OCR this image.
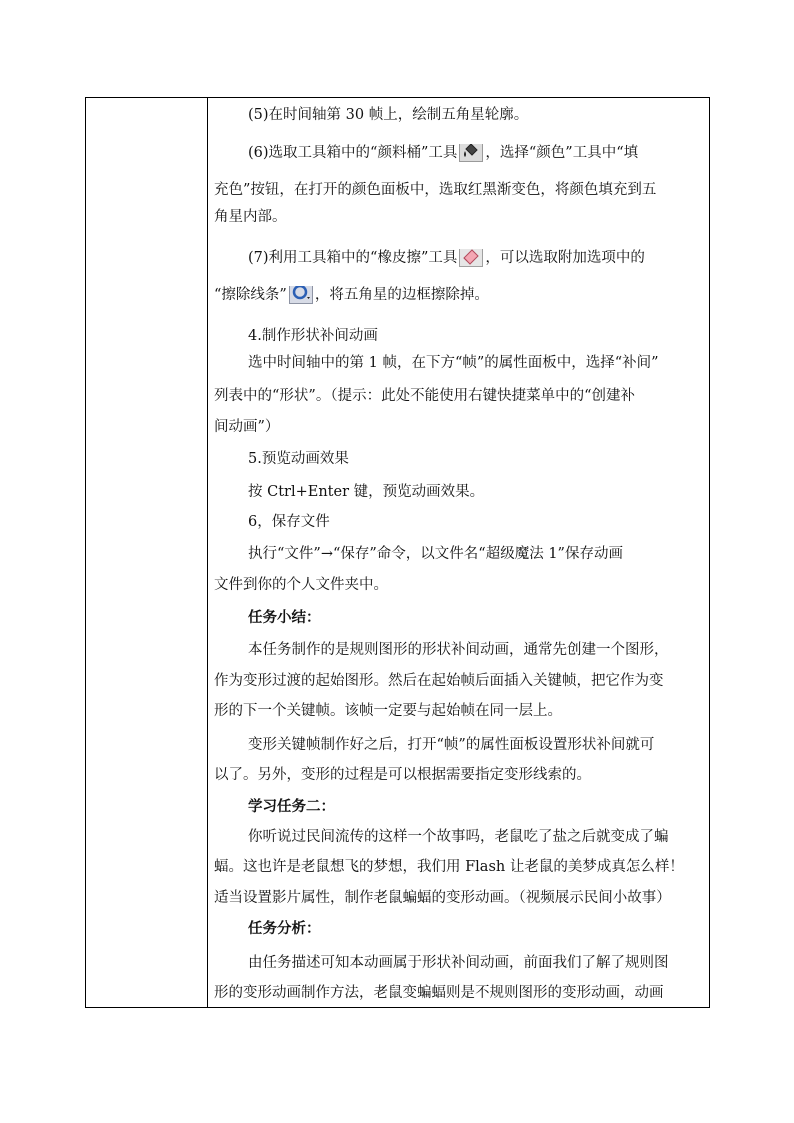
(5)在时间轴第 30 帧上，绘制五角星轮廓。
(6)选取工具箱中的“颜料桶”工具 ，选择“颜色”工具中“填
充色”按钮，在打开的颜色面板中，选取红黑渐变色，将颜色填充到五
角星内部。
(7)利用工具箱中的“橡皮擦”工具 ，可以选取附加选项中的
“擦除线条” ，将五角星的边框擦除掉。
4.制作形状补间动画
选中时间轴中的第 1 帧，在下方“帧”的属性面板中，选择“补间”
列表中的“形状”。（提示：此处不能使用右键快捷菜单中的“创建补
间动画”）
5.预览动画效果
按 Ctrl+Enter 键，预览动画效果。
6，保存文件
执行“文件”→“保存”命令，以文件名“超级魔法 1”保存动画
文件到你的个人文件夹中。
任务小结：
本任务制作的是规则图形的形状补间动画，通常先创建一个图形，
作为变形过渡的起始图形。然后在起始帧后面插入关键帧，把它作为变
形的下一个关键帧。该帧一定要与起始帧在同一层上。
变形关键帧制作好之后，打开“帧”的属性面板设置形状补间就可
以了。另外，变形的过程是可以根据需要指定变形线索的。
学习任务二：
你听说过民间流传的这样一个故事吗，老鼠吃了盐之后就变成了蝙
蝠。这也许是老鼠想飞的梦想，我们用 Flash 让老鼠的美梦成真怎么样！
适当设置影片属性，制作老鼠蝙蝠的变形动画。（视频展示民间小故事）
任务分析：
由任务描述可知本动画属于形状补间动画，前面我们了解了规则图
形的变形动画制作方法，老鼠变蝙蝠则是不规则图形的变形动画，动画
